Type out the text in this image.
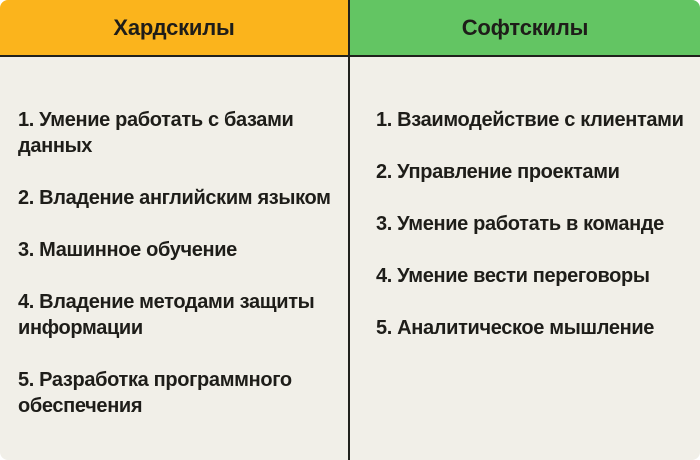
Хардскилы

1. Умение работать с базами данных

2. Владение английским языком

3. Машинное обучение

4. Владение методами защиты информации

5. Разработка программного обеспечения

Софтскилы

1. Взаимодействие с клиентами

2. Управление проектами

3. Умение работать в команде

4. Умение вести переговоры

5. Аналитическое мышление
